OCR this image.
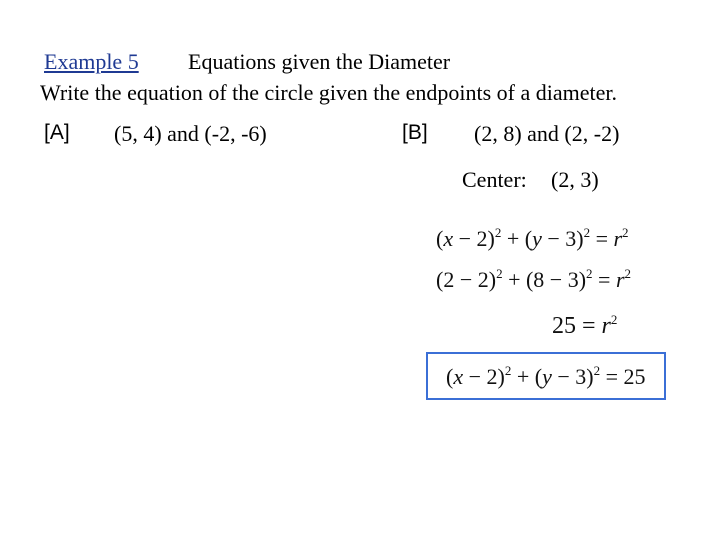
Example 5 Equations given the Diameter
Write the equation of the circle given the endpoints of a diameter.
[A] (5, 4) and (-2, -6)	[B] (2, 8) and (2, -2)
Center: (2, 3)
$(x - 2)^2 + (y - 3)^2 = r^2$
$(2 - 2)^2 + (8 - 3)^2 = r^2$
$25 = r^2$
$(x - 2)^2 + (y - 3)^2 = 25$
